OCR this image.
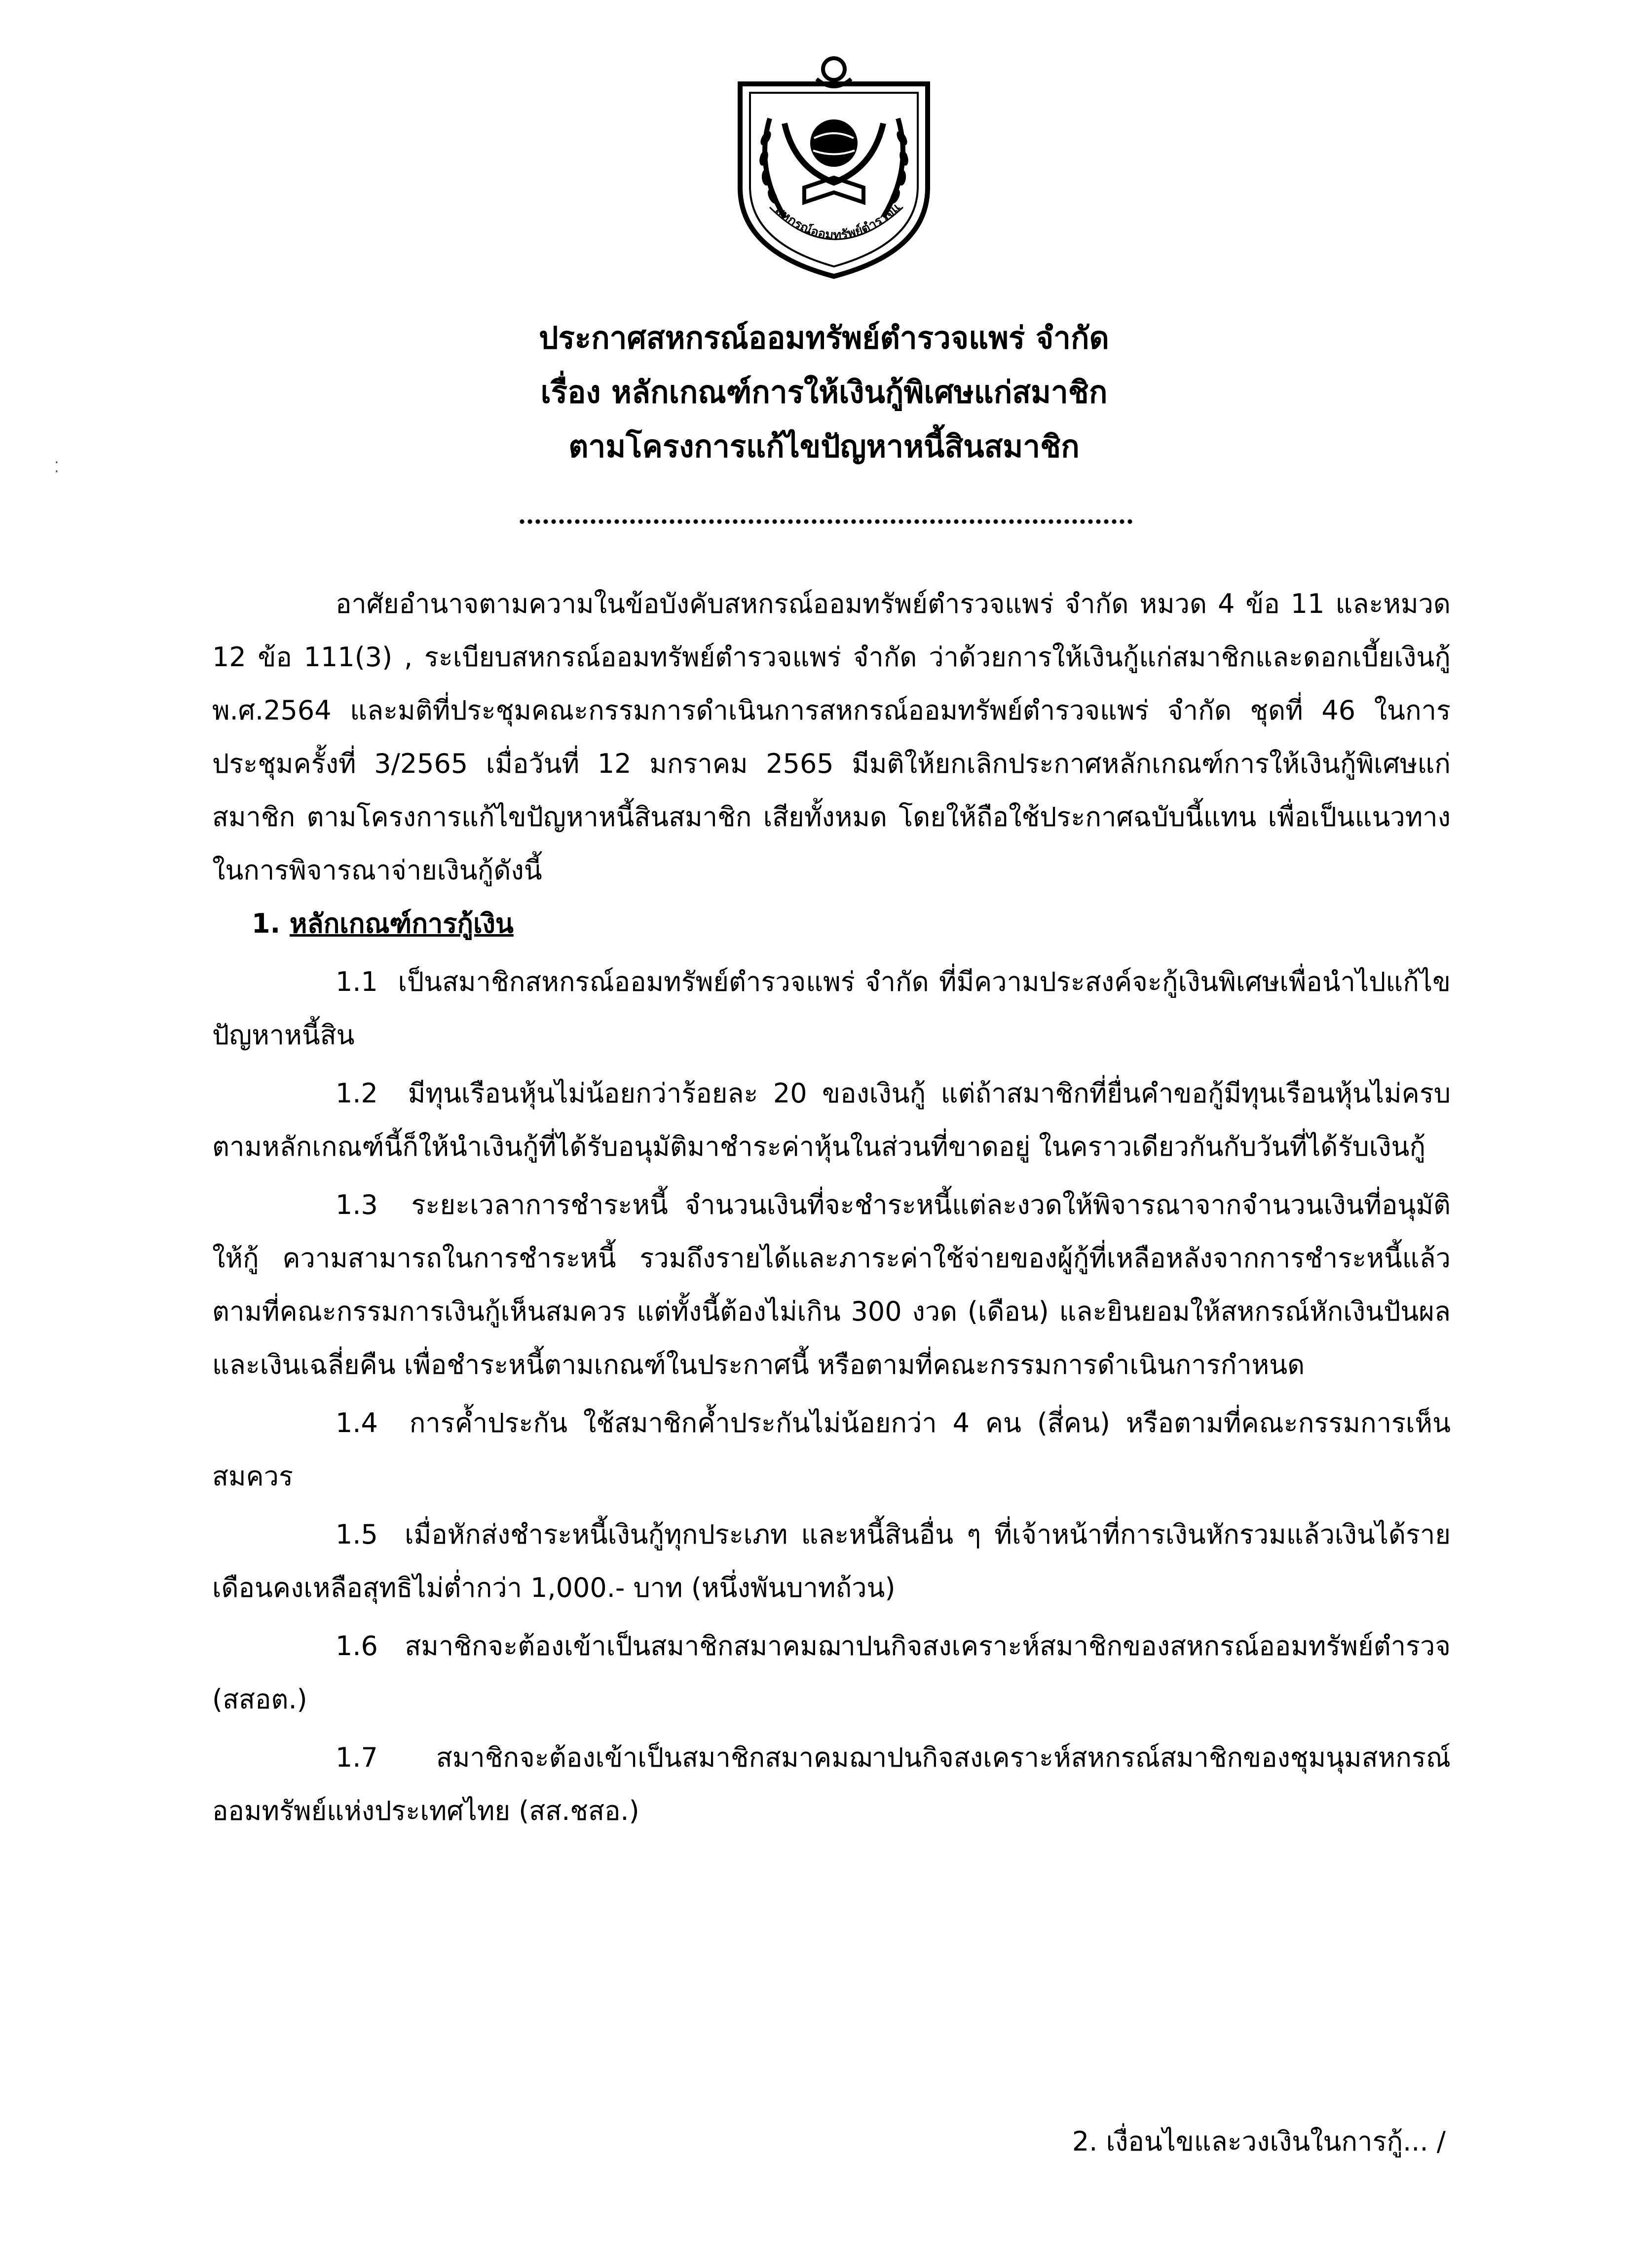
สหกรณ์ออมทรัพย์ตำรวจแ
⁚

ประกาศสหกรณ์ออมทรัพย์ตำรวจแพร่ จำกัด

เรื่อง หลักเกณฑ์การให้เงินกู้พิเศษแก่สมาชิก

ตามโครงการแก้ไขปัญหาหนี้สินสมาชิก

อาศัยอำนาจตามความในข้อบังคับสหกรณ์ออมทรัพย์ตำรวจแพร่ จำกัด หมวด 4 ข้อ 11 และหมวด 12 ข้อ 111(3) , ระเบียบสหกรณ์ออมทรัพย์ตำรวจแพร่ จำกัด ว่าด้วยการให้เงินกู้แก่สมาชิกและดอกเบี้ยเงินกู้ พ.ศ.2564 และมติที่ประชุมคณะกรรมการดำเนินการสหกรณ์ออมทรัพย์ตำรวจแพร่ จำกัด ชุดที่ 46 ในการประชุมครั้งที่ 3/2565 เมื่อวันที่ 12 มกราคม 2565 มีมติให้ยกเลิกประกาศหลักเกณฑ์การให้เงินกู้พิเศษแก่สมาชิก ตามโครงการแก้ไขปัญหาหนี้สินสมาชิก เสียทั้งหมด โดยให้ถือใช้ประกาศฉบับนี้แทน เพื่อเป็นแนวทางในการพิจารณาจ่ายเงินกู้ดังนี้

1. หลักเกณฑ์การกู้เงิน

1.1 เป็นสมาชิกสหกรณ์ออมทรัพย์ตำรวจแพร่ จำกัด ที่มีความประสงค์จะกู้เงินพิเศษเพื่อนำไปแก้ไขปัญหาหนี้สิน

1.2 มีทุนเรือนหุ้นไม่น้อยกว่าร้อยละ 20 ของเงินกู้ แต่ถ้าสมาชิกที่ยื่นคำขอกู้มีทุนเรือนหุ้นไม่ครบตามหลักเกณฑ์นี้ก็ให้นำเงินกู้ที่ได้รับอนุมัติมาชำระค่าหุ้นในส่วนที่ขาดอยู่ ในคราวเดียวกันกับวันที่ได้รับเงินกู้

1.3 ระยะเวลาการชำระหนี้ จำนวนเงินที่จะชำระหนี้แต่ละงวดให้พิจารณาจากจำนวนเงินที่อนุมัติให้กู้ ความสามารถในการชำระหนี้ รวมถึงรายได้และภาระค่าใช้จ่ายของผู้กู้ที่เหลือหลังจากการชำระหนี้แล้ว ตามที่คณะกรรมการเงินกู้เห็นสมควร แต่ทั้งนี้ต้องไม่เกิน 300 งวด (เดือน) และยินยอมให้สหกรณ์หักเงินปันผลและเงินเฉลี่ยคืน เพื่อชำระหนี้ตามเกณฑ์ในประกาศนี้ หรือตามที่คณะกรรมการดำเนินการกำหนด

1.4 การค้ำประกัน ใช้สมาชิกค้ำประกันไม่น้อยกว่า 4 คน (สี่คน) หรือตามที่คณะกรรมการเห็นสมควร

1.5 เมื่อหักส่งชำระหนี้เงินกู้ทุกประเภท และหนี้สินอื่น ๆ ที่เจ้าหน้าที่การเงินหักรวมแล้วเงินได้รายเดือนคงเหลือสุทธิไม่ต่ำกว่า 1,000.- บาท (หนึ่งพันบาทถ้วน)

1.6 สมาชิกจะต้องเข้าเป็นสมาชิกสมาคมฌาปนกิจสงเคราะห์สมาชิกของสหกรณ์ออมทรัพย์ตำรวจ (สสอต.)

1.7 สมาชิกจะต้องเข้าเป็นสมาชิกสมาคมฌาปนกิจสงเคราะห์สหกรณ์สมาชิกของชุมนุมสหกรณ์ออมทรัพย์แห่งประเทศไทย (สส.ชสอ.)

2. เงื่อนไขและวงเงินในการกู้... /
